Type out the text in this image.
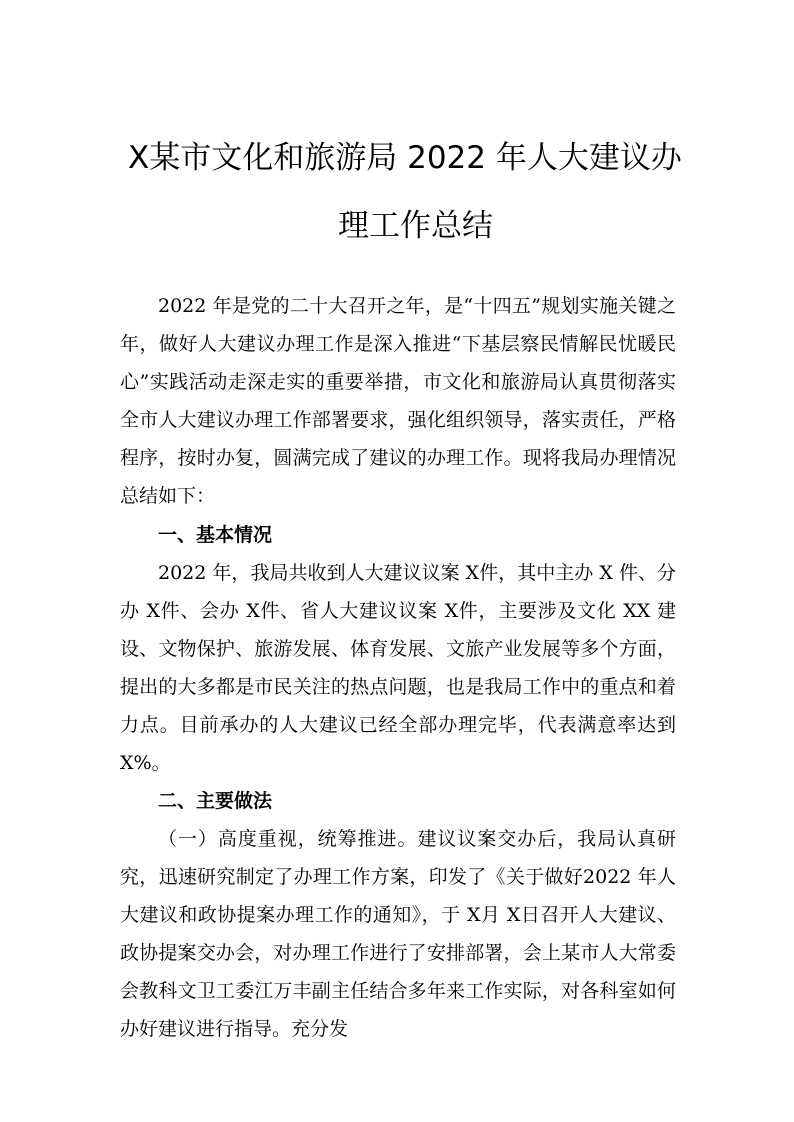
X某市文化和旅游局 2022 年人大建议办
理工作总结

2022 年是党的二十大召开之年，是“十四五”规划实施关键之年，做好人大建议办理工作是深入推进“下基层察民情解民忧暖民心”实践活动走深走实的重要举措，市文化和旅游局认真贯彻落实全市人大建议办理工作部署要求，强化组织领导，落实责任，严格程序，按时办复，圆满完成了建议的办理工作。现将我局办理情况总结如下：

一、基本情况

2022 年，我局共收到人大建议议案 X件，其中主办 X 件、分办 X件、会办 X件、省人大建议议案 X件，主要涉及文化 XX 建设、文物保护、旅游发展、体育发展、文旅产业发展等多个方面，提出的大多都是市民关注的热点问题，也是我局工作中的重点和着力点。目前承办的人大建议已经全部办理完毕，代表满意率达到 X%。

二、主要做法

（一）高度重视，统筹推进。建议议案交办后，我局认真研究，迅速研究制定了办理工作方案，印发了《关于做好2022 年人大建议和政协提案办理工作的通知》，于 X月 X日召开人大建议、政协提案交办会，对办理工作进行了安排部署，会上某市人大常委会教科文卫工委江万丰副主任结合多年来工作实际，对各科室如何办好建议进行指导。充分发
